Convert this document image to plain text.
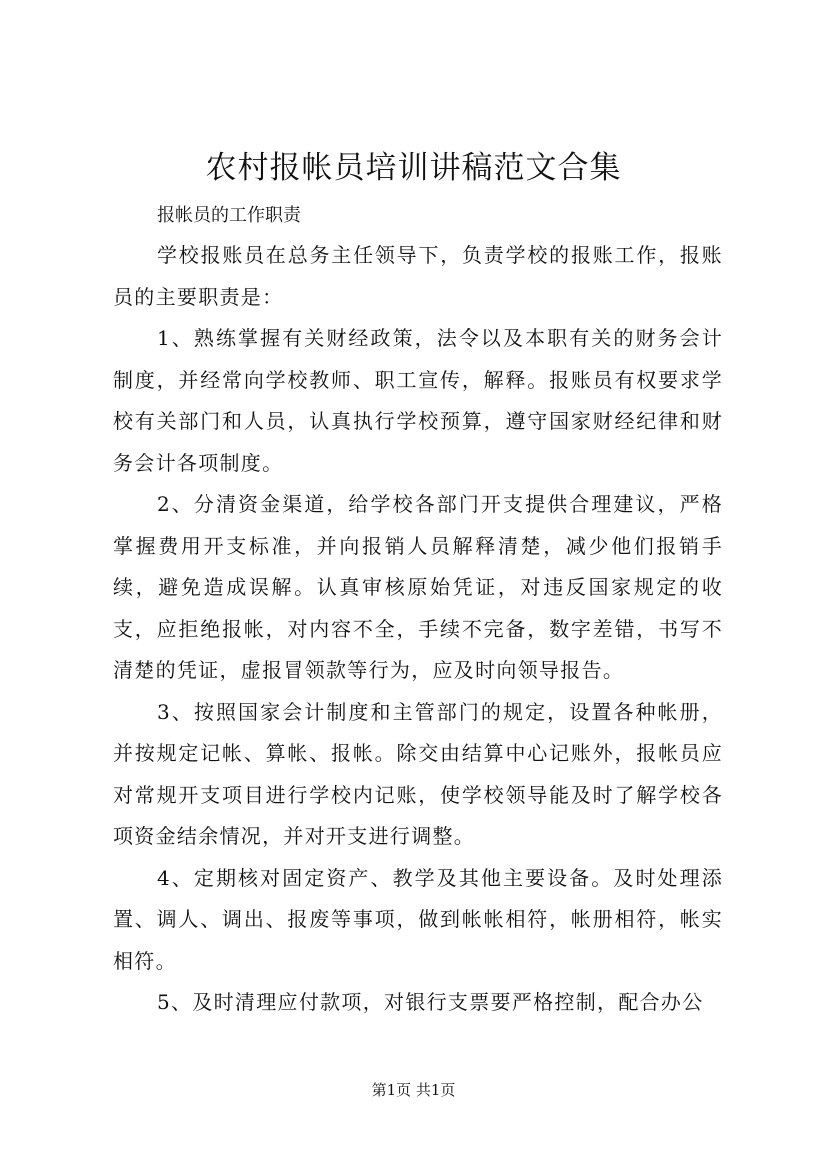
农村报帐员培训讲稿范文合集

报帐员的工作职责

学校报账员在总务主任领导下，负责学校的报账工作，报账员的主要职责是：

1、熟练掌握有关财经政策，法令以及本职有关的财务会计制度，并经常向学校教师、职工宣传，解释。报账员有权要求学校有关部门和人员，认真执行学校预算，遵守国家财经纪律和财务会计各项制度。

2、分清资金渠道，给学校各部门开支提供合理建议，严格掌握费用开支标准，并向报销人员解释清楚，减少他们报销手续，避免造成误解。认真审核原始凭证，对违反国家规定的收支，应拒绝报帐，对内容不全，手续不完备，数字差错，书写不清楚的凭证，虚报冒领款等行为，应及时向领导报告。

3、按照国家会计制度和主管部门的规定，设置各种帐册，并按规定记帐、算帐、报帐。除交由结算中心记账外，报帐员应对常规开支项目进行学校内记账，使学校领导能及时了解学校各项资金结余情况，并对开支进行调整。

4、定期核对固定资产、教学及其他主要设备。及时处理添置、调人、调出、报废等事项，做到帐帐相符，帐册相符，帐实相符。

5、及时清理应付款项，对银行支票要严格控制，配合办公

第1页 共1页
